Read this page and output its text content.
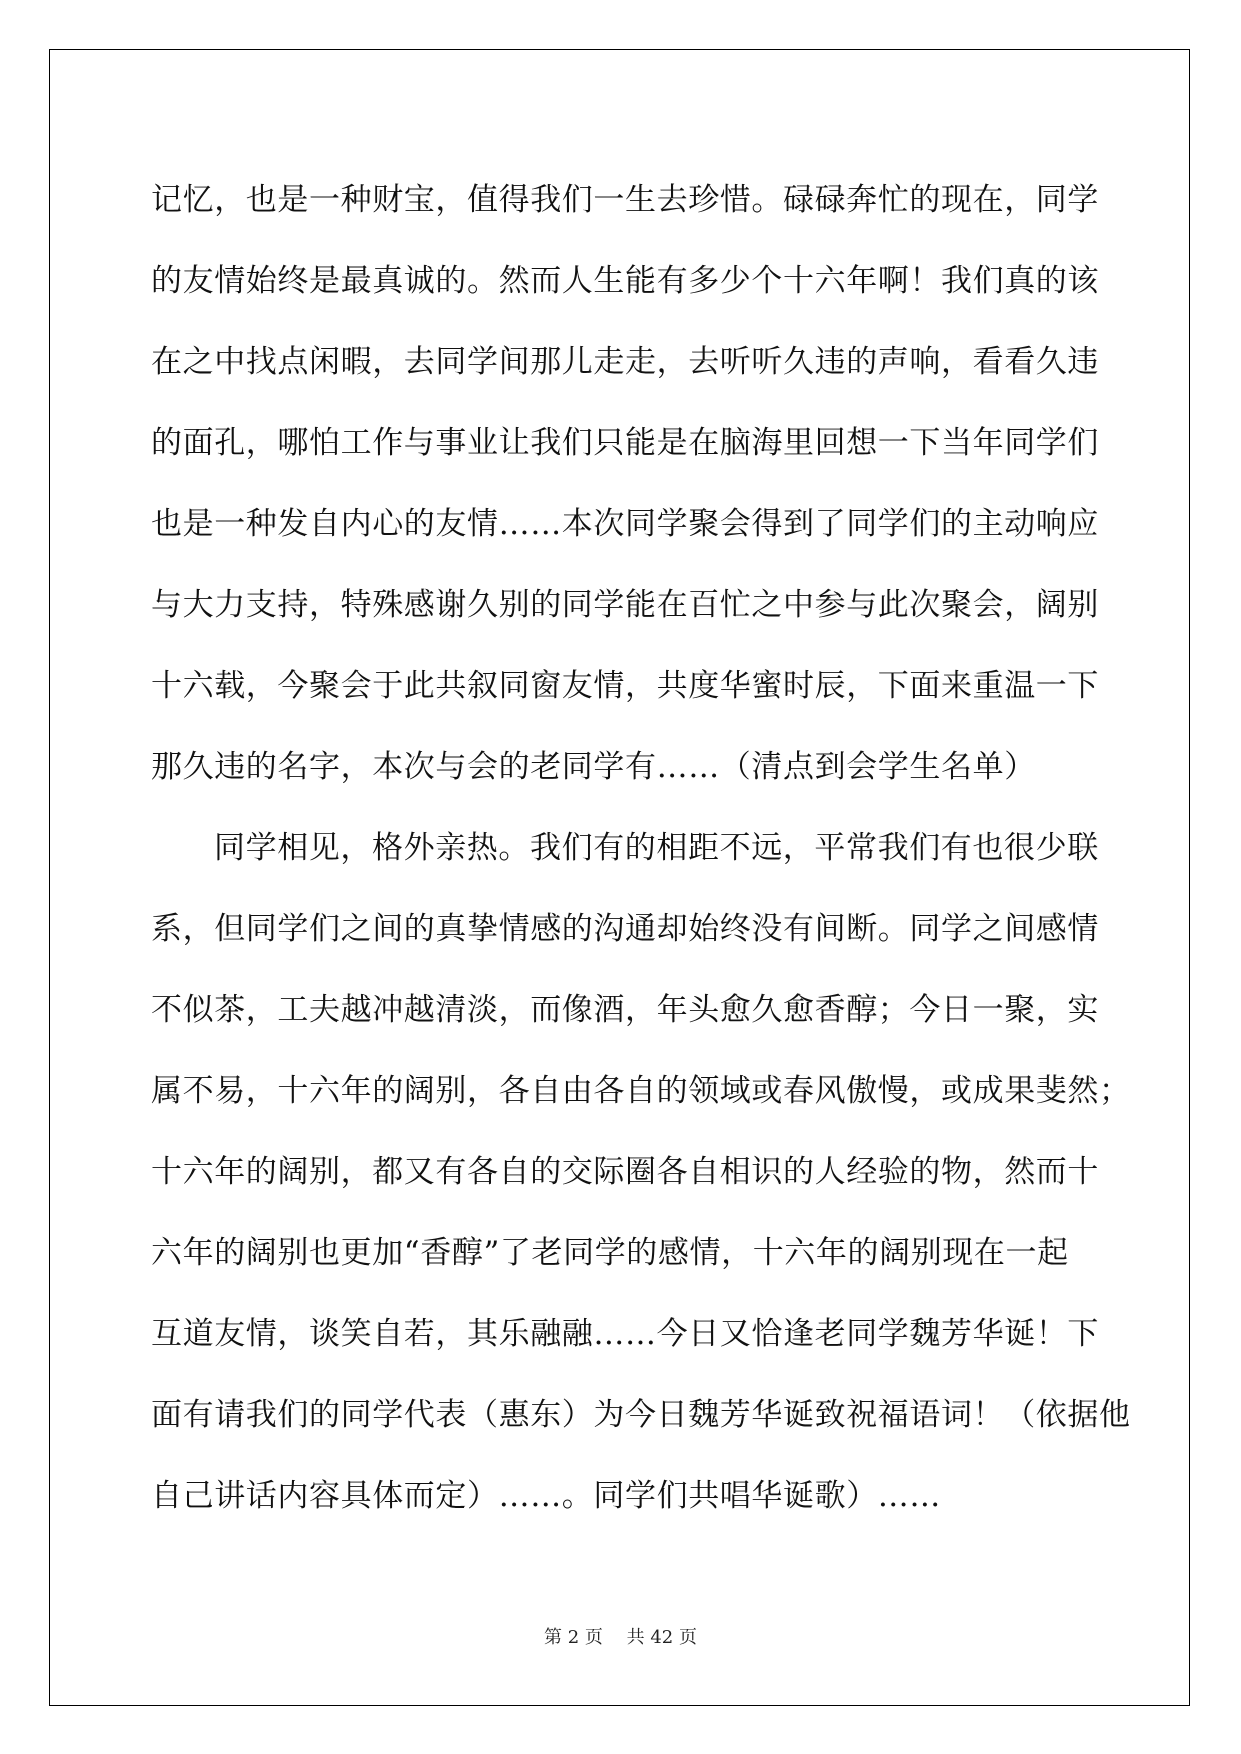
记忆，也是一种财宝，值得我们一生去珍惜。碌碌奔忙的现在，同学
的友情始终是最真诚的。然而人生能有多少个十六年啊！我们真的该
在之中找点闲暇，去同学间那儿走走，去听听久违的声响，看看久违
的面孔，哪怕工作与事业让我们只能是在脑海里回想一下当年同学们
也是一种发自内心的友情……本次同学聚会得到了同学们的主动响应
与大力支持，特殊感谢久别的同学能在百忙之中参与此次聚会，阔别
十六载，今聚会于此共叙同窗友情，共度华蜜时辰，下面来重温一下
那久违的名字，本次与会的老同学有……（清点到会学生名单）
同学相见，格外亲热。我们有的相距不远，平常我们有也很少联
系，但同学们之间的真挚情感的沟通却始终没有间断。同学之间感情
不似茶，工夫越冲越清淡，而像酒，年头愈久愈香醇；今日一聚，实
属不易，十六年的阔别，各自由各自的领域或春风傲慢，或成果斐然；
十六年的阔别，都又有各自的交际圈各自相识的人经验的物，然而十
六年的阔别也更加“香醇”了老同学的感情，十六年的阔别现在一起
互道友情，谈笑自若，其乐融融……今日又恰逢老同学魏芳华诞！下
面有请我们的同学代表（惠东）为今日魏芳华诞致祝福语词！（依据他
自己讲话内容具体而定）……。同学们共唱华诞歌）……
第 2 页　 共 42 页
